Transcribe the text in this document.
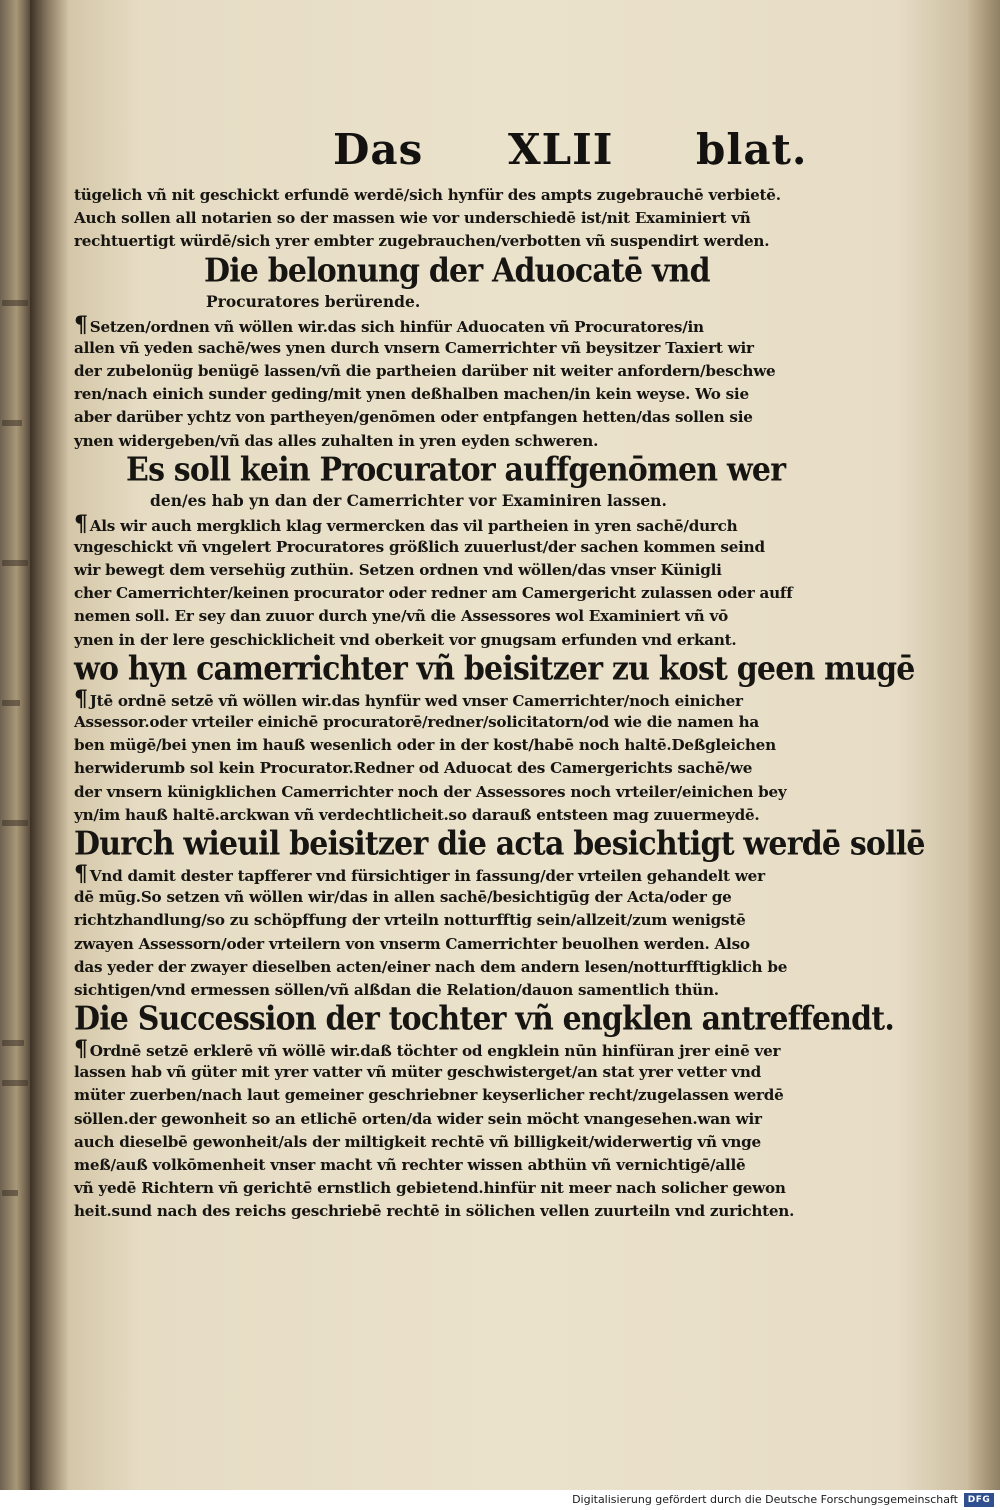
Das XLII blat.
tügelich vñ nit geschickt erfundē werdē/sich hynfür des ampts zugebrauchē verbietē.
Auch sollen all notarien so der massen wie vor underschiedē ist/nit Examiniert vñ
rechtuertigt würdē/sich yrer embter zugebrauchen/verbotten vñ suspendirt werden.
Die belonung der Aduocatē vnd
Procuratores berürende.
¶ Setzen/ordnen vñ wöllen wir.das sich hinfür Aduocaten vñ Procuratores/in
allen vñ yeden sachē/wes ynen durch vnsern Camerrichter vñ beysitzer Taxiert wir
der zubelonüg benügē lassen/vñ die partheien darüber nit weiter anfordern/beschwe
ren/nach einich sunder geding/mit ynen deßhalben machen/in kein weyse. Wo sie
aber darüber ychtz von partheyen/genōmen oder entpfangen hetten/das sollen sie
ynen widergeben/vñ das alles zuhalten in yren eyden schweren.
Es soll kein Procurator auffgenōmen wer
den/es hab yn dan der Camerrichter vor Examiniren lassen.
¶ Als wir auch mergklich klag vermercken das vil partheien in yren sachē/durch
vngeschickt vñ vngelert Procuratores größlich zuuerlust/der sachen kommen seind
wir bewegt dem versehüg zuthün. Setzen ordnen vnd wöllen/das vnser Künigli
cher Camerrichter/keinen procurator oder redner am Camergericht zulassen oder auff
nemen soll. Er sey dan zuuor durch yne/vñ die Assessores wol Examiniert vñ vō
ynen in der lere geschicklicheit vnd oberkeit vor gnugsam erfunden vnd erkant.
wo hyn camerrichter vñ beisitzer zu kost geen mugē
¶ Jtē ordnē setzē vñ wöllen wir.das hynfür wed vnser Camerrichter/noch einicher
Assessor.oder vrteiler einichē procuratorē/redner/solicitatorn/od wie die namen ha
ben mügē/bei ynen im hauß wesenlich oder in der kost/habē noch haltē.Deßgleichen
herwiderumb sol kein Procurator.Redner od Aduocat des Camergerichts sachē/we
der vnsern künigklichen Camerrichter noch der Assessores noch vrteiler/einichen bey
yn/im hauß haltē.arckwan vñ verdechtlicheit.so darauß entsteen mag zuuermeydē.
Durch wieuil beisitzer die acta besichtigt werdē sollē
¶ Vnd damit dester tapfferer vnd fürsichtiger in fassung/der vrteilen gehandelt wer
dē mūg.So setzen vñ wöllen wir/das in allen sachē/besichtigūg der Acta/oder ge
richtzhandlung/so zu schöpffung der vrteiln notturfftig sein/allzeit/zum wenigstē
zwayen Assessorn/oder vrteilern von vnserm Camerrichter beuolhen werden. Also
das yeder der zwayer dieselben acten/einer nach dem andern lesen/notturfftigklich be
sichtigen/vnd ermessen söllen/vñ alßdan die Relation/dauon samentlich thün.
Die Succession der tochter vñ engklen antreffendt.
¶ Ordnē setzē erklerē vñ wöllē wir.daß töchter od engklein nūn hinfüran jrer einē ver
lassen hab vñ güter mit yrer vatter vñ müter geschwisterget/an stat yrer vetter vnd
müter zuerben/nach laut gemeiner geschriebner keyserlicher recht/zugelassen werdē
söllen.der gewonheit so an etlichē orten/da wider sein möcht vnangesehen.wan wir
auch dieselbē gewonheit/als der miltigkeit rechtē vñ billigkeit/widerwertig vñ vnge
meß/auß volkōmenheit vnser macht vñ rechter wissen abthün vñ vernichtigē/allē
vñ yedē Richtern vñ gerichtē ernstlich gebietend.hinfür nit meer nach solicher gewon
heit.sund nach des reichs geschriebē rechtē in sölichen vellen zuurteiln vnd zurichten.
Digitalisierung gefördert durch die Deutsche Forschungsgemeinschaft	DFG
